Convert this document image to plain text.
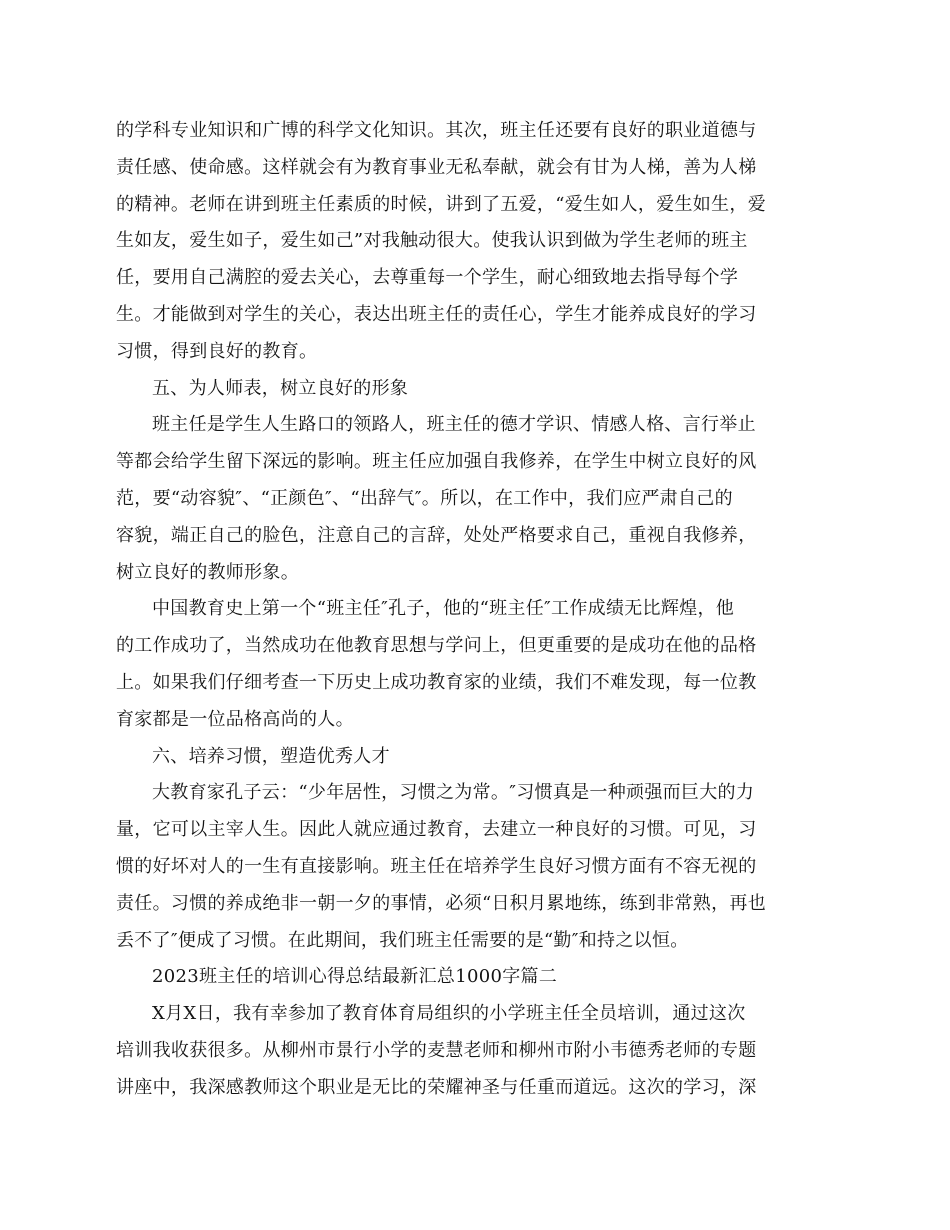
的学科专业知识和广博的科学文化知识。其次，班主任还要有良好的职业道德与
责任感、使命感。这样就会有为教育事业无私奉献，就会有甘为人梯，善为人梯
的精神。老师在讲到班主任素质的时候，讲到了五爱，“爱生如人，爱生如生，爱
生如友，爱生如子，爱生如己”对我触动很大。使我认识到做为学生老师的班主
任，要用自己满腔的爱去关心，去尊重每一个学生，耐心细致地去指导每个学
生。才能做到对学生的关心，表达出班主任的责任心，学生才能养成良好的学习
习惯，得到良好的教育。
五、为人师表，树立良好的形象
班主任是学生人生路口的领路人，班主任的德才学识、情感人格、言行举止
等都会给学生留下深远的影响。班主任应加强自我修养，在学生中树立良好的风
范，要“动容貌″、“正颜色″、“出辞气″。所以，在工作中，我们应严肃自己的
容貌，端正自己的脸色，注意自己的言辞，处处严格要求自己，重视自我修养，
树立良好的教师形象。
中国教育史上第一个“班主任″孔子，他的“班主任″工作成绩无比辉煌，他
的工作成功了，当然成功在他教育思想与学问上，但更重要的是成功在他的品格
上。如果我们仔细考查一下历史上成功教育家的业绩，我们不难发现，每一位教
育家都是一位品格高尚的人。
六、培养习惯，塑造优秀人才
大教育家孔子云：“少年居性，习惯之为常。″习惯真是一种顽强而巨大的力
量，它可以主宰人生。因此人就应通过教育，去建立一种良好的习惯。可见，习
惯的好坏对人的一生有直接影响。班主任在培养学生良好习惯方面有不容无视的
责任。习惯的养成绝非一朝一夕的事情，必须“日积月累地练，练到非常熟，再也
丢不了″便成了习惯。在此期间，我们班主任需要的是“勤″和持之以恒。
2023班主任的培训心得总结最新汇总1000字篇二
X月X日，我有幸参加了教育体育局组织的小学班主任全员培训，通过这次
培训我收获很多。从柳州市景行小学的麦慧老师和柳州市附小韦德秀老师的专题
讲座中，我深感教师这个职业是无比的荣耀神圣与任重而道远。这次的学习，深
